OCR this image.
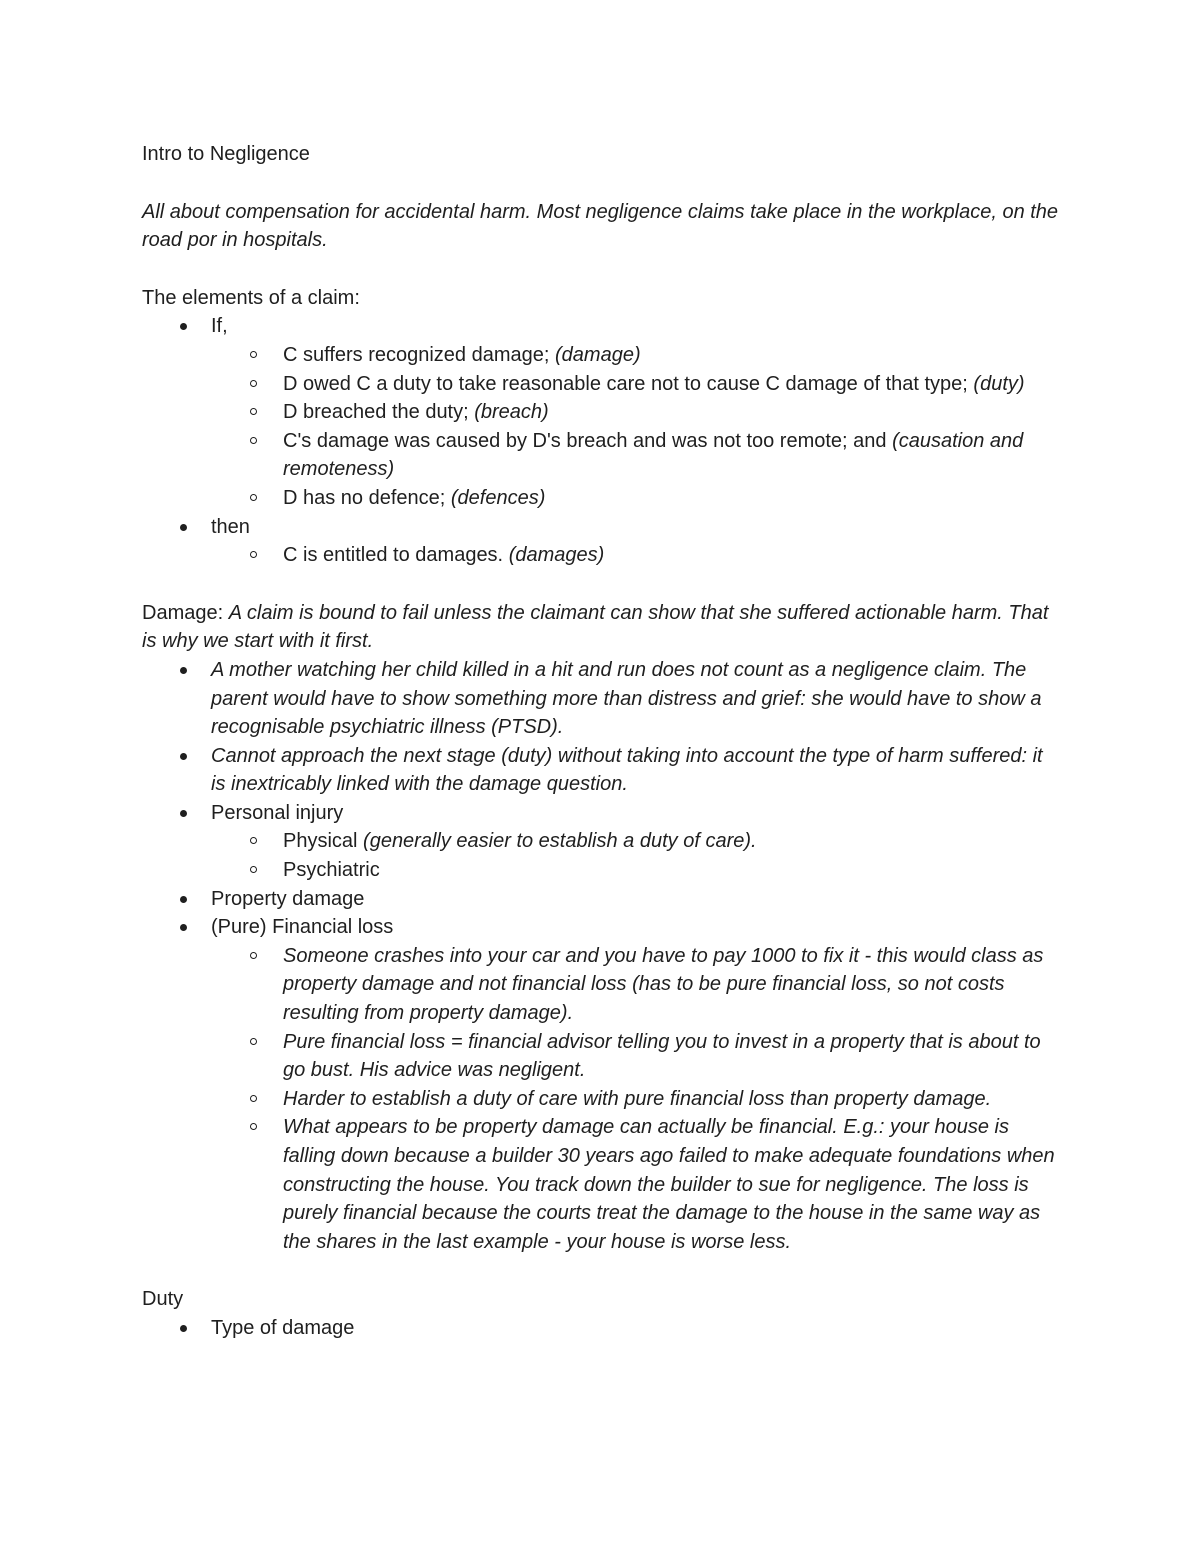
Intro to Negligence

All about compensation for accidental harm. Most negligence claims take place in the workplace, on the road por in hospitals.

The elements of a claim:

If,
C suffers recognized damage; (damage)
D owed C a duty to take reasonable care not to cause C damage of that type; (duty)
D breached the duty; (breach)
C's damage was caused by D's breach and was not too remote; and (causation and remoteness)
D has no defence; (defences)
then
C is entitled to damages. (damages)

Damage: A claim is bound to fail unless the claimant can show that she suffered actionable harm. That is why we start with it first.

A mother watching her child killed in a hit and run does not count as a negligence claim. The parent would have to show something more than distress and grief: she would have to show a recognisable psychiatric illness (PTSD).
Cannot approach the next stage (duty) without taking into account the type of harm suffered: it is inextricably linked with the damage question.
Personal injury
Physical (generally easier to establish a duty of care).
Psychiatric
Property damage
(Pure) Financial loss
Someone crashes into your car and you have to pay 1000 to fix it - this would class as property damage and not financial loss (has to be pure financial loss, so not costs resulting from property damage).
Pure financial loss = financial advisor telling you to invest in a property that is about to go bust. His advice was negligent.
Harder to establish a duty of care with pure financial loss than property damage.
What appears to be property damage can actually be financial. E.g.: your house is falling down because a builder 30 years ago failed to make adequate foundations when constructing the house. You track down the builder to sue for negligence. The loss is purely financial because the courts treat the damage to the house in the same way as the shares in the last example - your house is worse less.

Duty

Type of damage
